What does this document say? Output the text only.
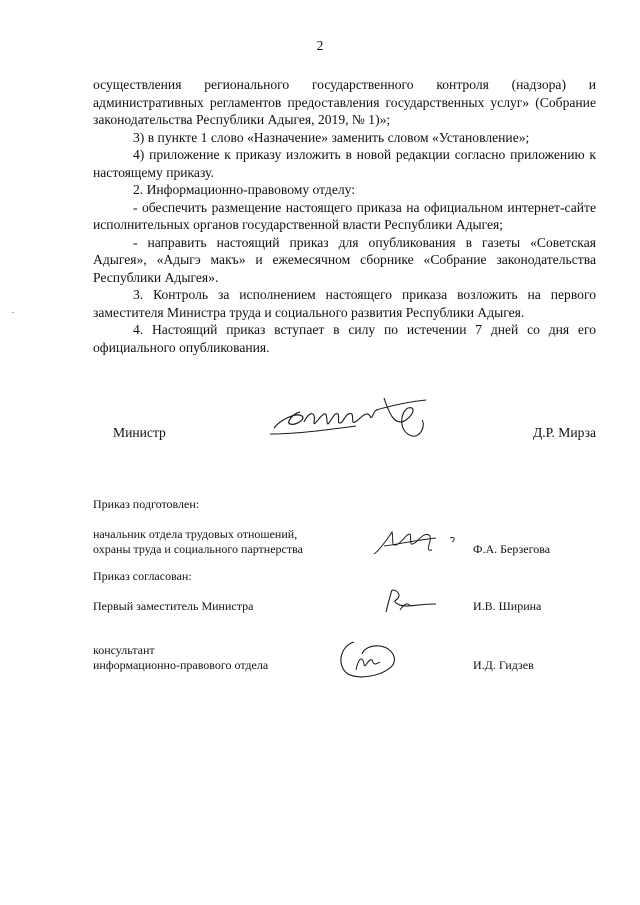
2

осуществления регионального государственного контроля (надзора) и административных регламентов предоставления государственных услуг» (Собрание законодательства Республики Адыгея, 2019, № 1)»;

3) в пункте 1 слово «Назначение» заменить словом «Установление»;

4) приложение к приказу изложить в новой редакции согласно приложению к настоящему приказу.

2. Информационно-правовому отделу:

- обеспечить размещение настоящего приказа на официальном интернет-сайте исполнительных органов государственной власти Республики Адыгея;

- направить настоящий приказ для опубликования в газеты «Советская Адыгея», «Адыгэ макъ» и ежемесячном сборнике «Собрание законодательства Республики Адыгея».

3. Контроль за исполнением настоящего приказа возложить на первого заместителя Министра труда и социального развития Республики Адыгея.

4. Настоящий приказ вступает в силу по истечении 7 дней со дня его официального опубликования.

Министр	Д.Р. Мирза
Приказ подготовлен:
начальник отдела трудовых отношений,
охраны труда и социального партнерства	Ф.А. Берзегова
Приказ согласован:
Первый заместитель Министра	И.В. Ширина
консультант
информационно-правового отдела	И.Д. Гидзев
